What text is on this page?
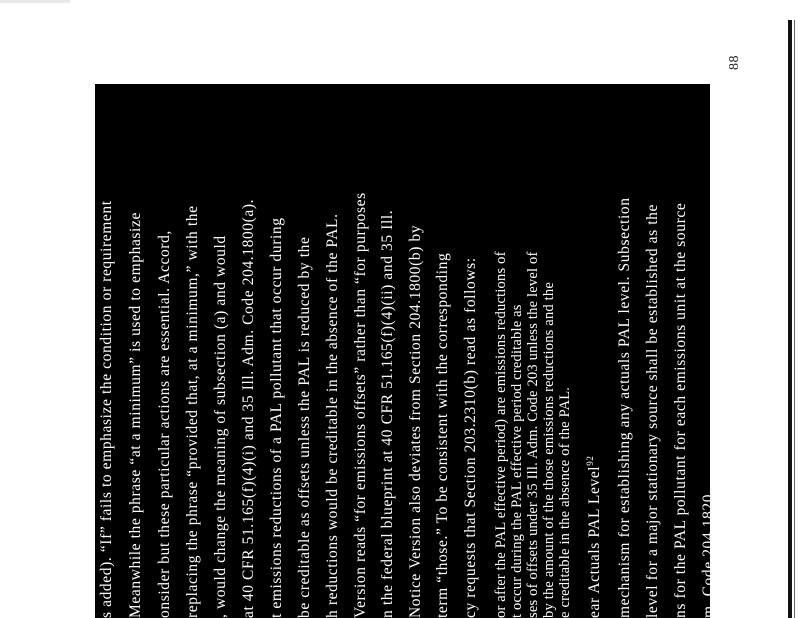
s added). “If” fails to emphasize the condition or requirement Meanwhile the phrase “at a minimum” is used to emphasize onsider but these particular actions are essential. Accord, replacing the phrase “provided that, at a minimum,” with the , would change the meaning of subsection (a) and would at 40 CFR 51.165(f)(4)(i) and 35 Ill. Adm. Code 204.1800(a). t emissions reductions of a PAL pollutant that occur during be creditable as offsets unless the PAL is reduced by the h reductions would be creditable in the absence of the PAL. Version reads “for emissions offsets” rather than “for purposes n the federal blueprint at 40 CFR 51.165(f)(4)(ii) and 35 Ill. Notice Version also deviates from Section 204.1800(b) by term “those.” To be consistent with the corresponding cy requests that Section 203.2310(b) read as follows: or after the PAL effective period) are emissions reductions of t occur during the PAL effective period creditable as ses of offsets under 35 Ill. Adm. Code 203 unless the level of by the amount of the those emissions reductions and the e creditable in the absence of the PAL. ear Actuals PAL Level$^{92}$	mechanism for establishing any actuals PAL level. Subsection level for a major stationary source shall be established as the ns for the PAL pollutant for each emissions unit at the source m. Code 204.1820.
88
